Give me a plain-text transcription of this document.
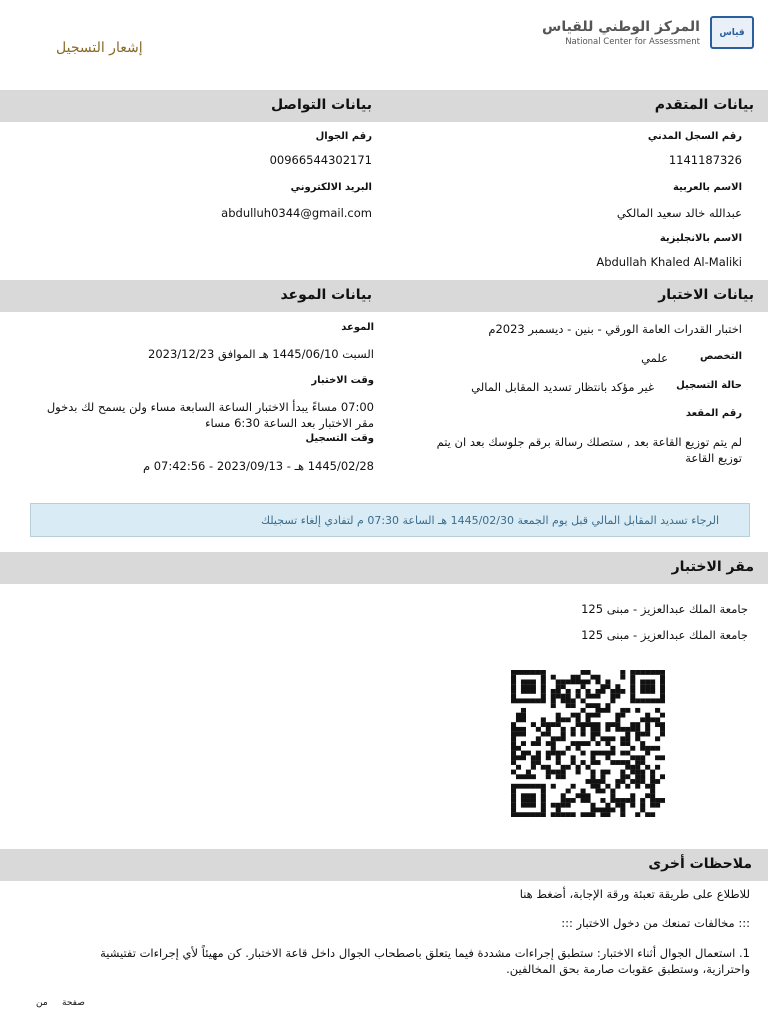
المركز الوطني للقياس
National Center for Assessment
قياس
إشعار التسجيل
بيانات المتقدم
بيانات التواصل
رقم السجل المدني
1141187326
الاسم بالعربية
عبدالله خالد سعيد المالكي
الاسم بالانجليزية
Abdullah Khaled Al-Maliki
رقم الجوال
00966544302171
البريد الالكتروني
abdulluh0344@gmail.com
بيانات الاختبار
بيانات الموعد
اختبار القدرات العامة الورقي - بنين - ديسمبر 2023م
التخصص
علمي
حالة التسجيل
غير مؤكد بانتظار تسديد المقابل المالي
رقم المقعد
لم يتم توزيع القاعة بعد , ستصلك رسالة برقم جلوسك بعد ان يتم توزيع القاعة
الموعد
السبت 1445/06/10 هـ الموافق 2023/12/23
وقت الاختبار
07:00 مساءً يبدأ الاختبار الساعة السابعة مساء ولن يسمح لك بدخول مقر الاختبار بعد الساعة 6:30 مساء
وقت التسجيل
1445/02/28 هـ - 2023/09/13 - 07:42:56 م
الرجاء تسديد المقابل المالي قبل يوم الجمعة 1445/02/30 هـ الساعة 07:30 م لتفادي إلغاء تسجيلك
مقر الاختبار
جامعة الملك عبدالعزيز - مبنى 125
جامعة الملك عبدالعزيز - مبنى 125
ملاحظات أخرى
للاطلاع على طريقة تعبئة ورقة الإجابة، أضغط هنا
::: مخالفات تمنعك من دخول الاختبار :::
1. استعمال الجوال أثناء الاختبار: ستطبق إجراءات مشددة فيما يتعلق باصطحاب الجوال داخل قاعة الاختبار. كن مهيئاً لأي إجراءات تفتيشية واحترازية، وستطبق عقوبات صارمة بحق المخالفين.
صفحة
من
